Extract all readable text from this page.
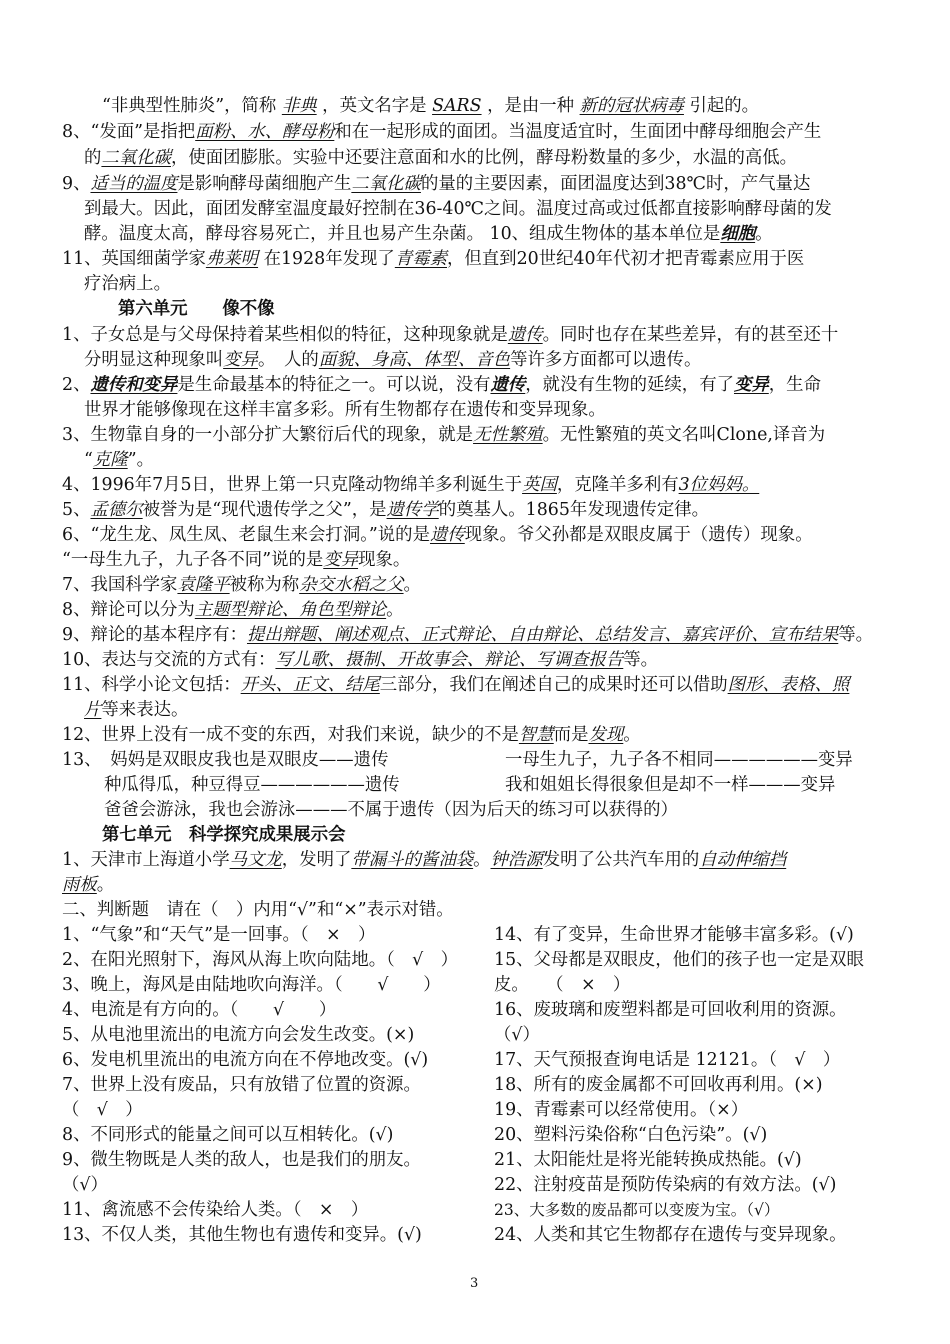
“非典型性肺炎”，简称 非典 ，英文名字是 SARS ，是由一种 新的冠状病毒 引起的。
8、“发面”是指把面粉、水、酵母粉和在一起形成的面团。当温度适宜时，生面团中酵母细胞会产生
的二氧化碳，使面团膨胀。实验中还要注意面和水的比例，酵母粉数量的多少，水温的高低。
9、适当的温度是影响酵母菌细胞产生二氧化碳的量的主要因素，面团温度达到38℃时，产气量达
到最大。因此，面团发酵室温度最好控制在36-40℃之间。温度过高或过低都直接影响酵母菌的发
酵。温度太高，酵母容易死亡，并且也易产生杂菌。 10、组成生物体的基本单位是细胞。
11、英国细菌学家弗莱明 在1928年发现了青霉素，但直到20世纪40年代初才把青霉素应用于医
疗治病上。
第六单元　　像不像
1、子女总是与父母保持着某些相似的特征，这种现象就是遗传。同时也存在某些差异，有的甚至还十
分明显这种现象叫变异。　人的面貌、身高、体型、音色等许多方面都可以遗传。
2、遗传和变异是生命最基本的特征之一。可以说，没有遗传，就没有生物的延续，有了变异，生命
世界才能够像现在这样丰富多彩。所有生物都存在遗传和变异现象。
3、生物靠自身的一小部分扩大繁衍后代的现象，就是无性繁殖。无性繁殖的英文名叫Clone,译音为
“克隆”。
4、1996年7月5日，世界上第一只克隆动物绵羊多利诞生于英国，克隆羊多利有3位妈妈。
5、孟德尔被誉为是“现代遗传学之父”，是遗传学的奠基人。1865年发现遗传定律。
6、“龙生龙、凤生凤、老鼠生来会打洞。”说的是遗传现象。爷父孙都是双眼皮属于（遗传）现象。
“一母生九子，九子各不同”说的是变异现象。
7、我国科学家袁隆平被称为称杂交水稻之父。
8、辩论可以分为主题型辩论、角色型辩论。
9、辩论的基本程序有：提出辩题、阐述观点、正式辩论、自由辩论、总结发言、嘉宾评价、宣布结果等。
10、表达与交流的方式有：写儿歌、摄制、开故事会、辩论、写调查报告等。
11、科学小论文包括：开头、正文、结尾三部分，我们在阐述自己的成果时还可以借助图形、表格、照
片等来表达。
12、世界上没有一成不变的东西，对我们来说，缺少的不是智慧而是发现。
13、　妈妈是双眼皮我也是双眼皮——遗传	一母生九子，九子各不相同——————变异
种瓜得瓜，种豆得豆——————遗传	我和姐姐长得很象但是却不一样———变异
爸爸会游泳，我也会游泳———不属于遗传（因为后天的练习可以获得的）
第七单元　科学探究成果展示会
1、天津市上海道小学马文龙，发明了带漏斗的酱油袋。钟浩源发明了公共汽车用的自动伸缩挡
雨板。
二、判断题　请在（　）内用“√”和“×”表示对错。
1、“气象”和“天气”是一回事。（　×　）
2、在阳光照射下，海风从海上吹向陆地。（　√　）
3、晚上，海风是由陆地吹向海洋。（　　√　　）
4、电流是有方向的。（　　√　　）
5、从电池里流出的电流方向会发生改变。(×)
6、发电机里流出的电流方向在不停地改变。(√)
7、世界上没有废品，只有放错了位置的资源。
（　√　）
8、不同形式的能量之间可以互相转化。(√)
9、微生物既是人类的敌人，也是我们的朋友。
（√）
11、禽流感不会传染给人类。（　×　）
13、不仅人类，其他生物也有遗传和变异。(√)
14、有了变异，生命世界才能够丰富多彩。(√)
15、父母都是双眼皮，他们的孩子也一定是双眼
皮。　　（　×　）
16、废玻璃和废塑料都是可回收利用的资源。
（√）
17、天气预报查询电话是 12121。（　√　）
18、所有的废金属都不可回收再利用。(×)
19、青霉素可以经常使用。（×）
20、塑料污染俗称“白色污染”。(√)
21、太阳能灶是将光能转换成热能。(√)
22、注射疫苗是预防传染病的有效方法。(√)
23、大多数的废品都可以变废为宝。（√）
24、人类和其它生物都存在遗传与变异现象。
3
